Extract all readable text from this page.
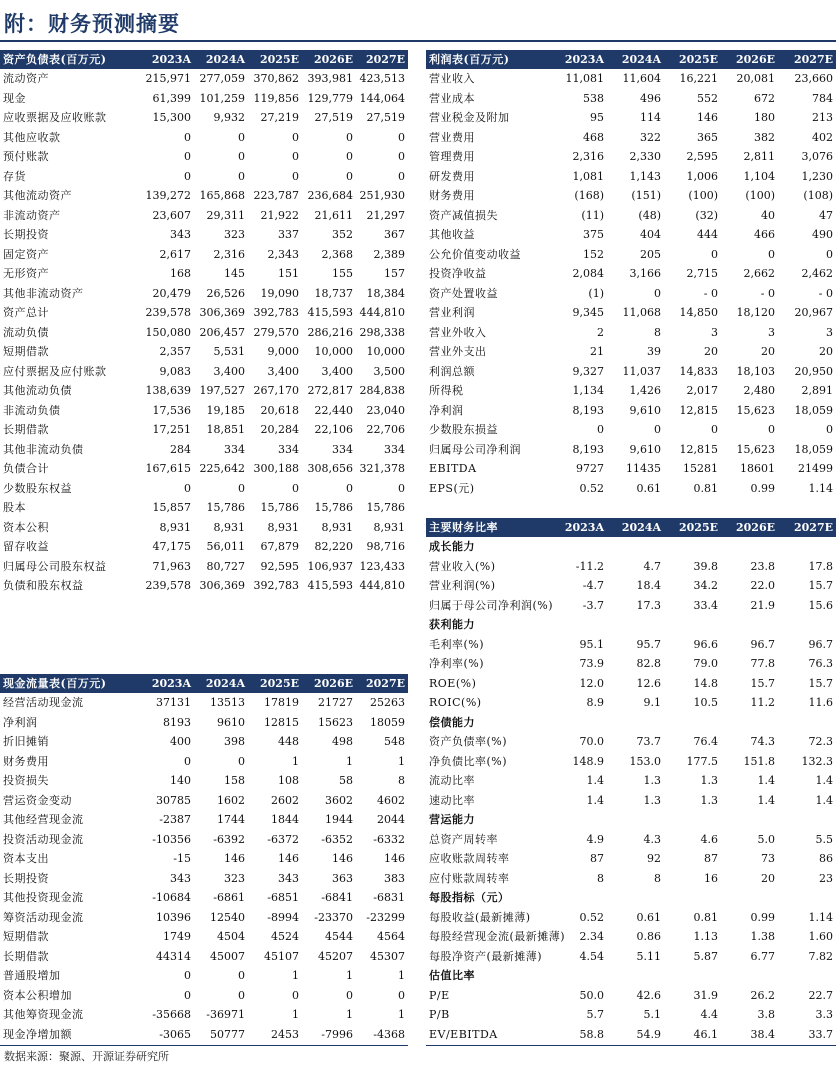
附：财务预测摘要
资产负债表(百万元)	2023A	2024A	2025E	2026E	2027E
流动资产	215,971	277,059	370,862	393,981	423,513
现金	61,399	101,259	119,856	129,779	144,064
应收票据及应收账款	15,300	9,932	27,219	27,519	27,519
其他应收款	0	0	0	0	0
预付账款	0	0	0	0	0
存货	0	0	0	0	0
其他流动资产	139,272	165,868	223,787	236,684	251,930
非流动资产	23,607	29,311	21,922	21,611	21,297
长期投资	343	323	337	352	367
固定资产	2,617	2,316	2,343	2,368	2,389
无形资产	168	145	151	155	157
其他非流动资产	20,479	26,526	19,090	18,737	18,384
资产总计	239,578	306,369	392,783	415,593	444,810
流动负债	150,080	206,457	279,570	286,216	298,338
短期借款	2,357	5,531	9,000	10,000	10,000
应付票据及应付账款	9,083	3,400	3,400	3,400	3,500
其他流动负债	138,639	197,527	267,170	272,817	284,838
非流动负债	17,536	19,185	20,618	22,440	23,040
长期借款	17,251	18,851	20,284	22,106	22,706
其他非流动负债	284	334	334	334	334
负债合计	167,615	225,642	300,188	308,656	321,378
少数股东权益	0	0	0	0	0
股本	15,857	15,786	15,786	15,786	15,786
资本公积	8,931	8,931	8,931	8,931	8,931
留存收益	47,175	56,011	67,879	82,220	98,716
归属母公司股东权益	71,963	80,727	92,595	106,937	123,433
负债和股东权益	239,578	306,369	392,783	415,593	444,810
利润表(百万元)	2023A	2024A	2025E	2026E	2027E
营业收入	11,081	11,604	16,221	20,081	23,660
营业成本	538	496	552	672	784
营业税金及附加	95	114	146	180	213
营业费用	468	322	365	382	402
管理费用	2,316	2,330	2,595	2,811	3,076
研发费用	1,081	1,143	1,006	1,104	1,230
财务费用	(168)	(151)	(100)	(100)	(108)
资产减值损失	(11)	(48)	(32)	40	47
其他收益	375	404	444	466	490
公允价值变动收益	152	205	0	0	0
投资净收益	2,084	3,166	2,715	2,662	2,462
资产处置收益	(1)	0	- 0	- 0	- 0
营业利润	9,345	11,068	14,850	18,120	20,967
营业外收入	2	8	3	3	3
营业外支出	21	39	20	20	20
利润总额	9,327	11,037	14,833	18,103	20,950
所得税	1,134	1,426	2,017	2,480	2,891
净利润	8,193	9,610	12,815	15,623	18,059
少数股东损益	0	0	0	0	0
归属母公司净利润	8,193	9,610	12,815	15,623	18,059
EBITDA	9727	11435	15281	18601	21499
EPS(元)	0.52	0.61	0.81	0.99	1.14
现金流量表(百万元)	2023A	2024A	2025E	2026E	2027E
经营活动现金流	37131	13513	17819	21727	25263
净利润	8193	9610	12815	15623	18059
折旧摊销	400	398	448	498	548
财务费用	0	0	1	1	1
投资损失	140	158	108	58	8
营运资金变动	30785	1602	2602	3602	4602
其他经营现金流	-2387	1744	1844	1944	2044
投资活动现金流	-10356	-6392	-6372	-6352	-6332
资本支出	-15	146	146	146	146
长期投资	343	323	343	363	383
其他投资现金流	-10684	-6861	-6851	-6841	-6831
筹资活动现金流	10396	12540	-8994	-23370	-23299
短期借款	1749	4504	4524	4544	4564
长期借款	44314	45007	45107	45207	45307
普通股增加	0	0	1	1	1
资本公积增加	0	0	0	0	0
其他筹资现金流	-35668	-36971	1	1	1
现金净增加额	-3065	50777	2453	-7996	-4368
主要财务比率	2023A	2024A	2025E	2026E	2027E
成长能力					
营业收入(%)	-11.2	4.7	39.8	23.8	17.8
营业利润(%)	-4.7	18.4	34.2	22.0	15.7
归属于母公司净利润(%)	-3.7	17.3	33.4	21.9	15.6
获利能力					
毛利率(%)	95.1	95.7	96.6	96.7	96.7
净利率(%)	73.9	82.8	79.0	77.8	76.3
ROE(%)	12.0	12.6	14.8	15.7	15.7
ROIC(%)	8.9	9.1	10.5	11.2	11.6
偿债能力					
资产负债率(%)	70.0	73.7	76.4	74.3	72.3
净负债比率(%)	148.9	153.0	177.5	151.8	132.3
流动比率	1.4	1.3	1.3	1.4	1.4
速动比率	1.4	1.3	1.3	1.4	1.4
营运能力					
总资产周转率	4.9	4.3	4.6	5.0	5.5
应收账款周转率	87	92	87	73	86
应付账款周转率	8	8	16	20	23
每股指标（元）					
每股收益(最新摊薄)	0.52	0.61	0.81	0.99	1.14
每股经营现金流(最新摊薄)	2.34	0.86	1.13	1.38	1.60
每股净资产(最新摊薄)	4.54	5.11	5.87	6.77	7.82
估值比率					
P/E	50.0	42.6	31.9	26.2	22.7
P/B	5.7	5.1	4.4	3.8	3.3
EV/EBITDA	58.8	54.9	46.1	38.4	33.7
数据来源：聚源、开源证券研究所
